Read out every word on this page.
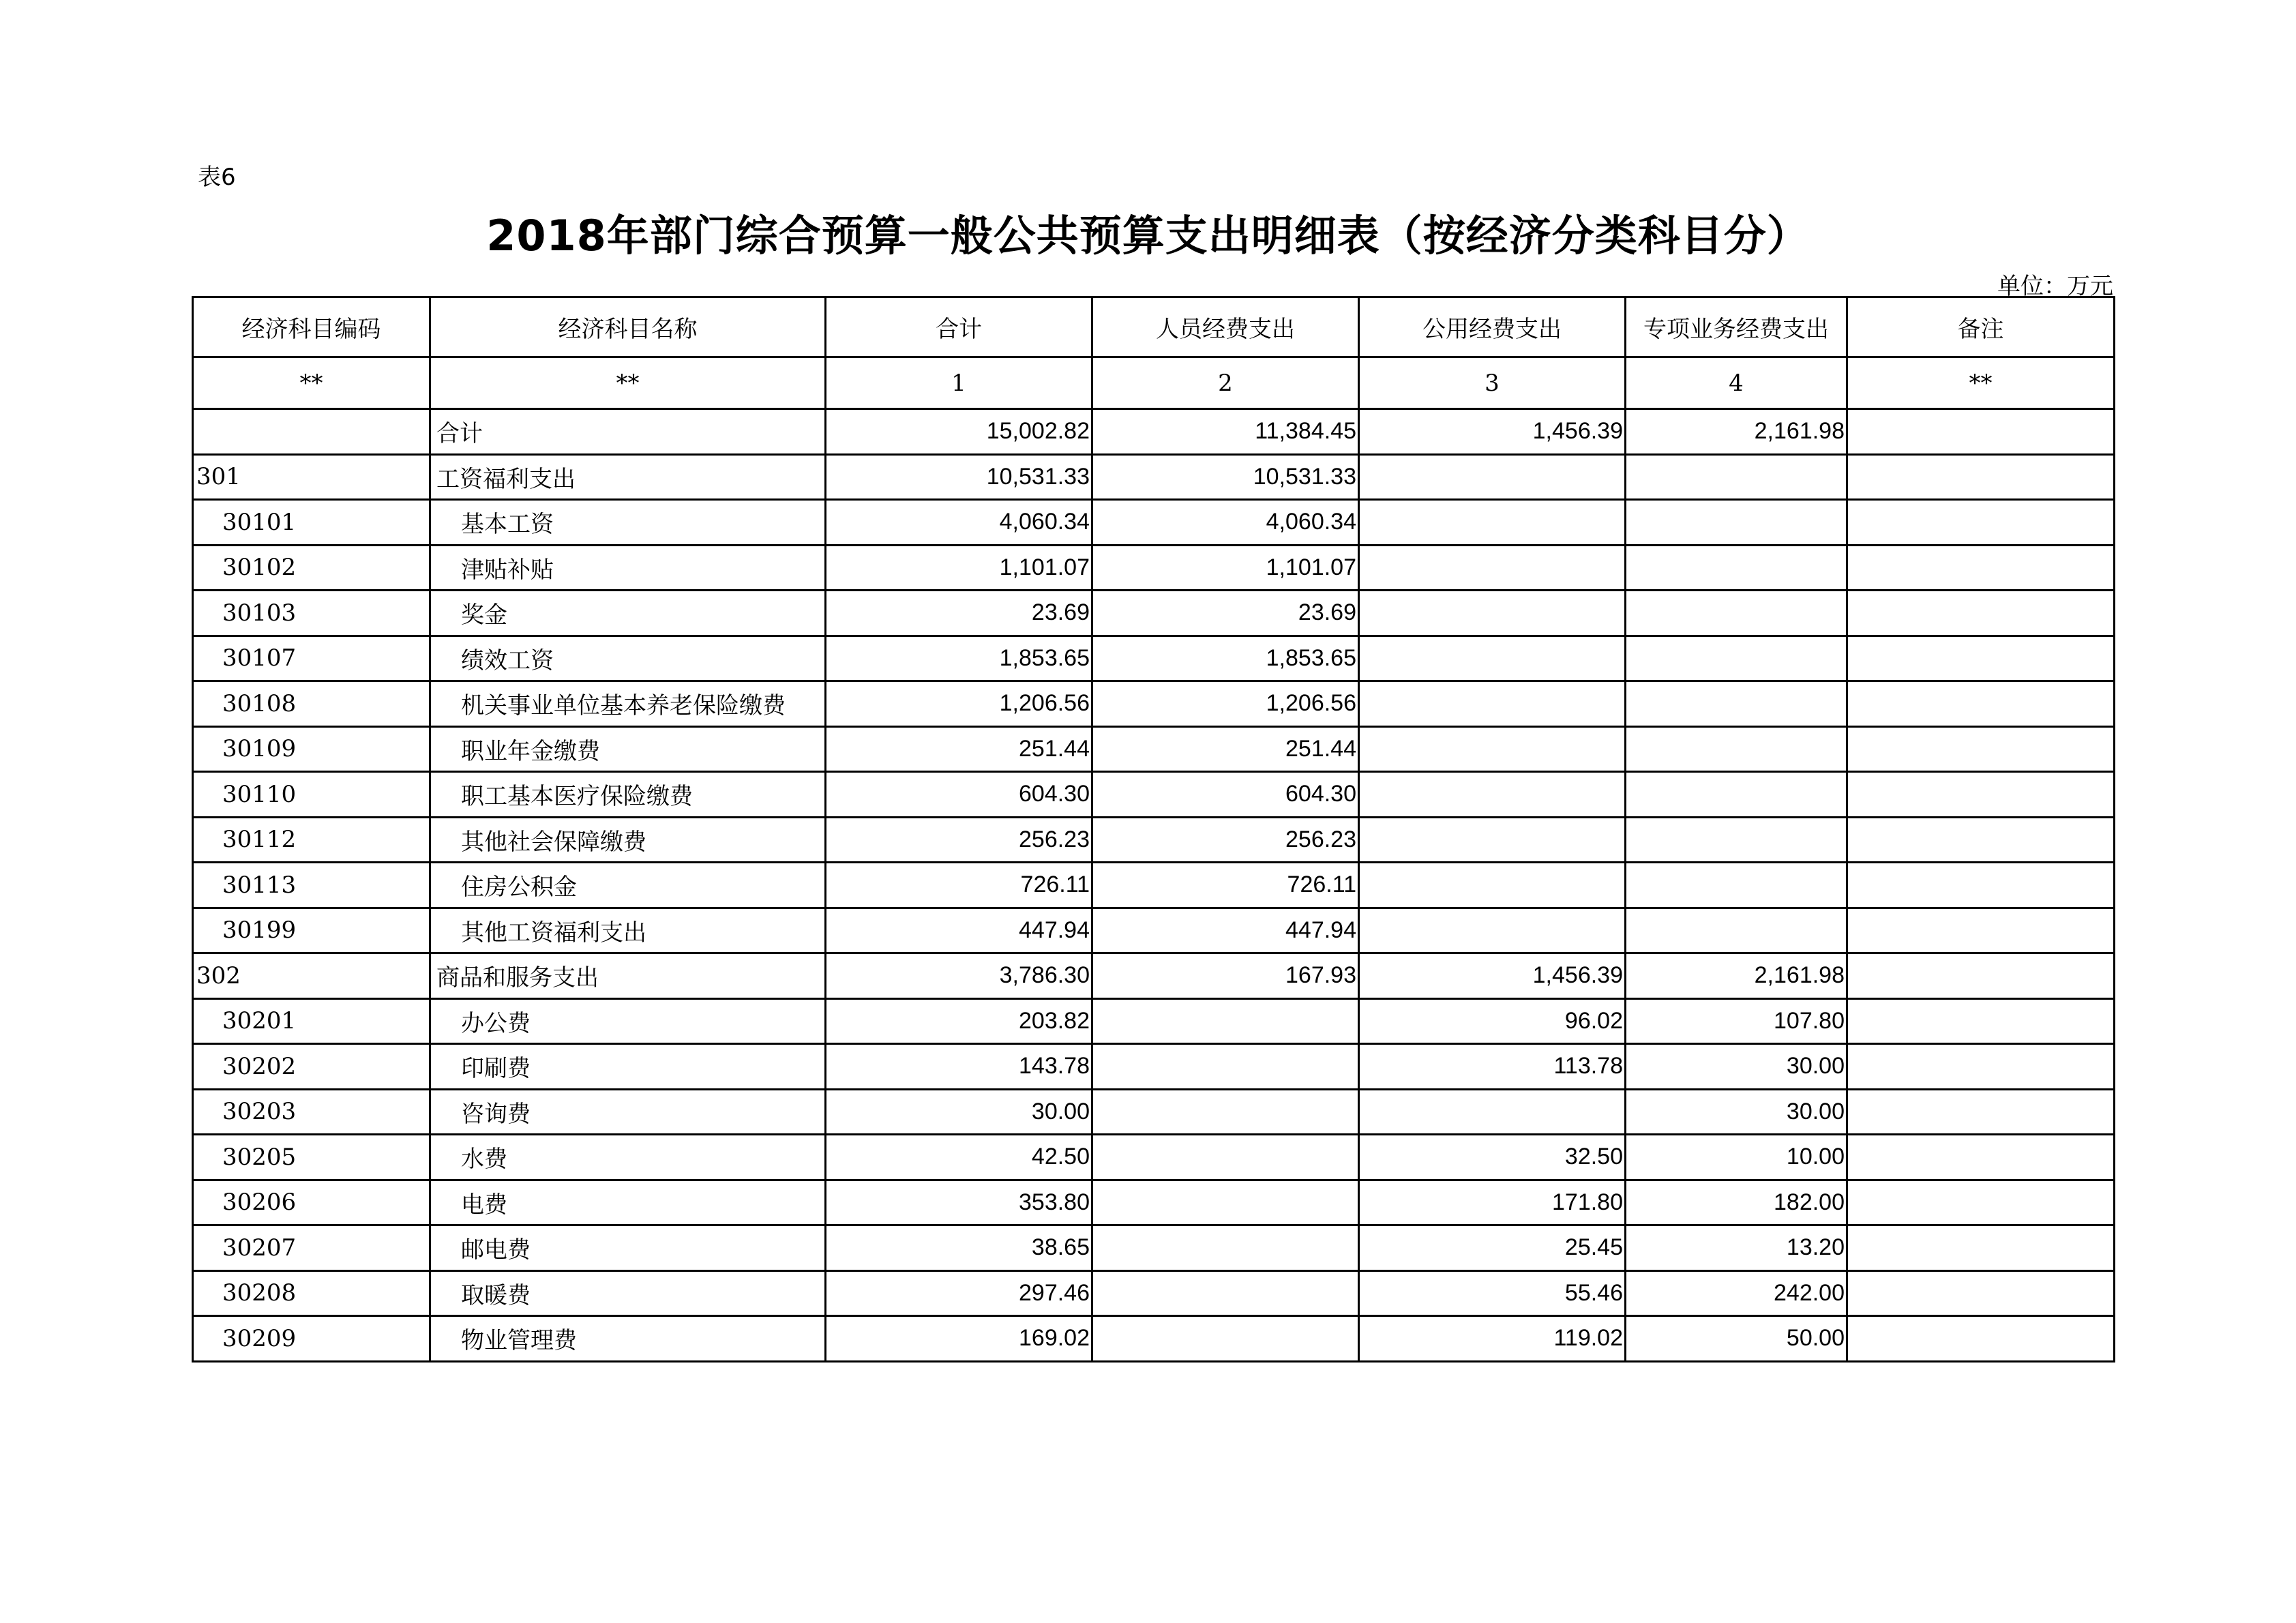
表6
2018年部门综合预算一般公共预算支出明细表（按经济分类科目分）
单位：万元
经济科目编码	经济科目名称	合计	人员经费支出	公用经费支出	专项业务经费支出	备注
**	**	1	2	3	4	**
	合计	15,002.82	11,384.45	1,456.39	2,161.98	
301	工资福利支出	10,531.33	10,531.33			
30101	基本工资	4,060.34	4,060.34			
30102	津贴补贴	1,101.07	1,101.07			
30103	奖金	23.69	23.69			
30107	绩效工资	1,853.65	1,853.65			
30108	机关事业单位基本养老保险缴费	1,206.56	1,206.56			
30109	职业年金缴费	251.44	251.44			
30110	职工基本医疗保险缴费	604.30	604.30			
30112	其他社会保障缴费	256.23	256.23			
30113	住房公积金	726.11	726.11			
30199	其他工资福利支出	447.94	447.94			
302	商品和服务支出	3,786.30	167.93	1,456.39	2,161.98	
30201	办公费	203.82		96.02	107.80	
30202	印刷费	143.78		113.78	30.00	
30203	咨询费	30.00			30.00	
30205	水费	42.50		32.50	10.00	
30206	电费	353.80		171.80	182.00	
30207	邮电费	38.65		25.45	13.20	
30208	取暖费	297.46		55.46	242.00	
30209	物业管理费	169.02		119.02	50.00	
